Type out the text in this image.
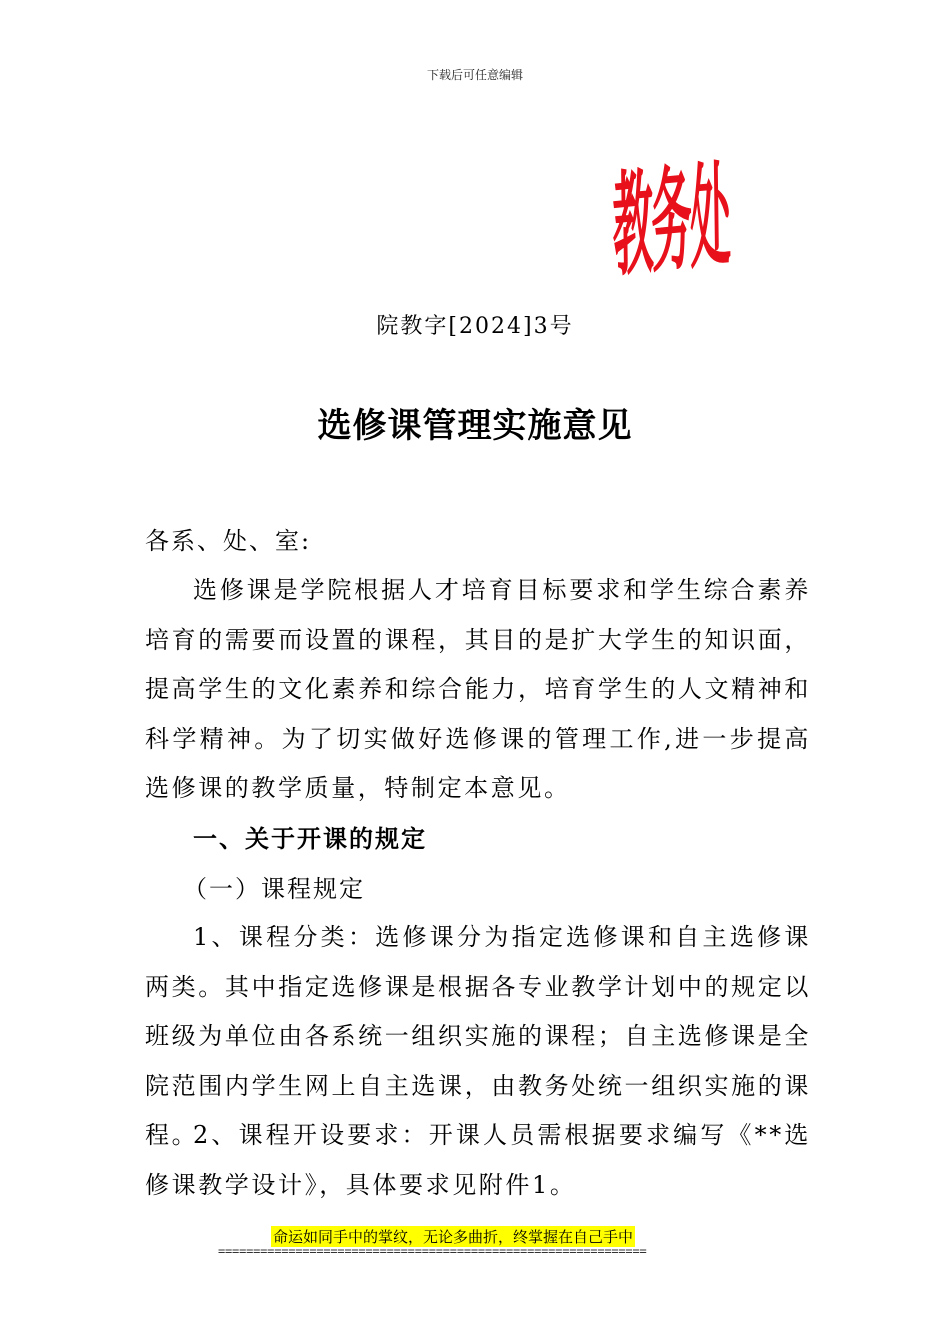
下载后可任意编辑
教务处
院教字[2024]3号
选修课管理实施意见
各系、处、室:
选修课是学院根据人才培育目标要求和学生综合素养培育的需要而设置的课程，其目的是扩大学生的知识面，提高学生的文化素养和综合能力，培育学生的人文精神和科学精神。为了切实做好选修课的管理工作,进一步提高选修课的教学质量，特制定本意见。
一、关于开课的规定
（一）课程规定
1、课程分类：选修课分为指定选修课和自主选修课两类。其中指定选修课是根据各专业教学计划中的规定以班级为单位由各系统一组织实施的课程；自主选修课是全院范围内学生网上自主选课，由教务处统一组织实施的课程。
2、课程开设要求：开课人员需根据要求编写《**选修课教学设计》，具体要求见附件1。
命运如同手中的掌纹，无论多曲折，终掌握在自己手中
=============================================================
